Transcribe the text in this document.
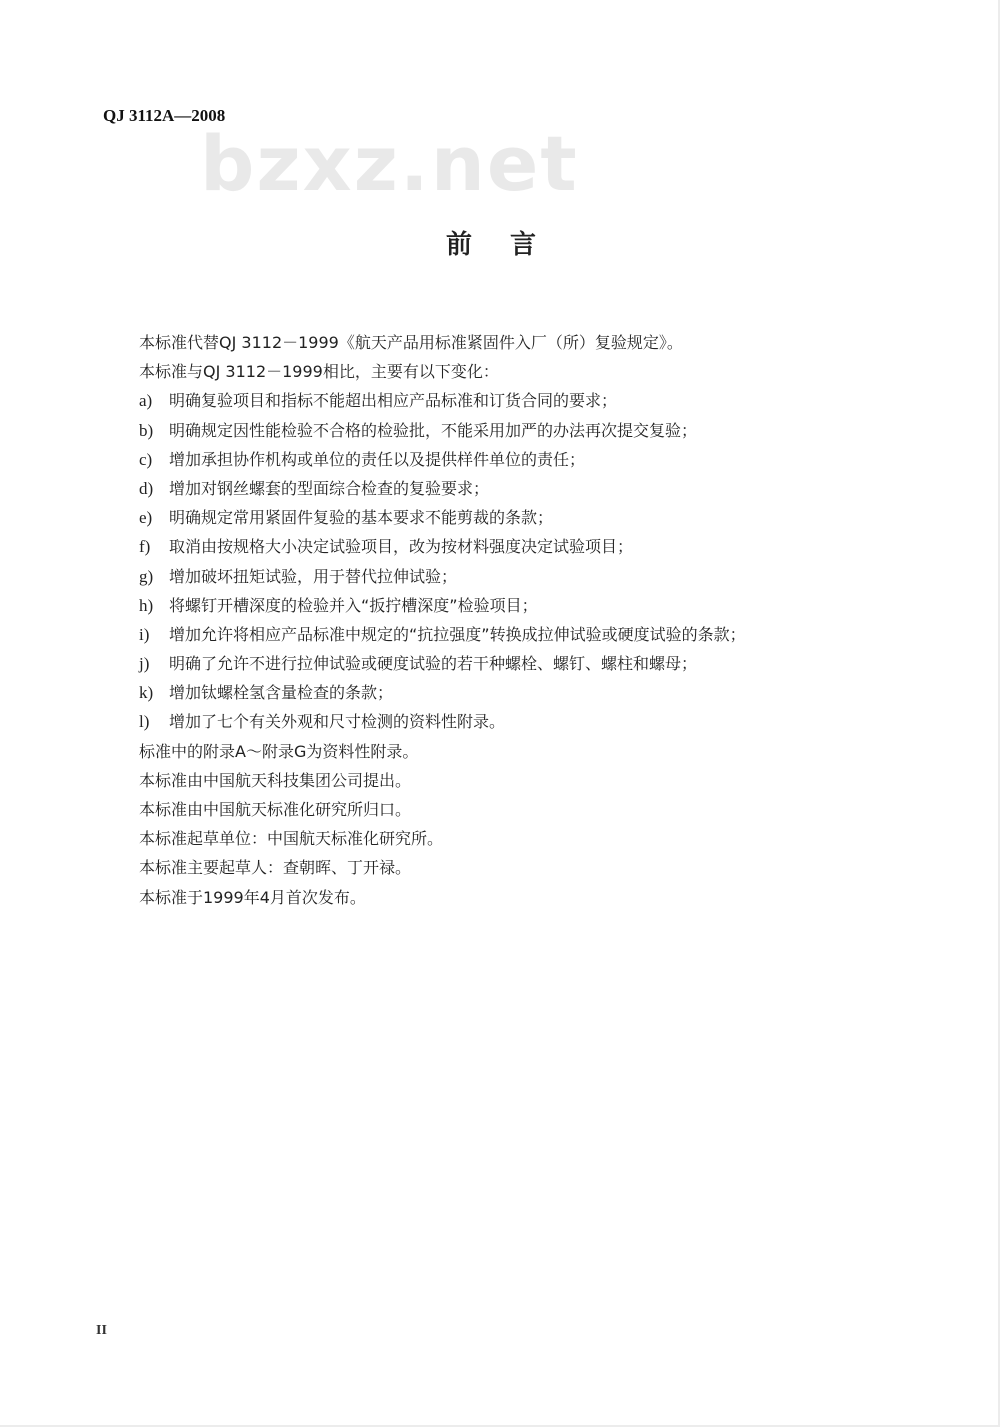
QJ 3112A—2008
bzxz.net
前 言
本标准代替QJ 3112－1999《航天产品用标准紧固件入厂（所）复验规定》。
本标准与QJ 3112－1999相比，主要有以下变化：
a)	明确复验项目和指标不能超出相应产品标准和订货合同的要求；
b) 明确规定因性能检验不合格的检验批，不能采用加严的办法再次提交复验；
c)	增加承担协作机构或单位的责任以及提供样件单位的责任；
d) 增加对钢丝螺套的型面综合检查的复验要求；
e)	明确规定常用紧固件复验的基本要求不能剪裁的条款；
f)	取消由按规格大小决定试验项目，改为按材料强度决定试验项目；
g) 增加破坏扭矩试验，用于替代拉伸试验；
h) 将螺钉开槽深度的检验并入“扳拧槽深度”检验项目；
i)	增加允许将相应产品标准中规定的“抗拉强度”转换成拉伸试验或硬度试验的条款；
j)	明确了允许不进行拉伸试验或硬度试验的若干种螺栓、螺钉、螺柱和螺母；
k) 增加钛螺栓氢含量检查的条款；
l)	增加了七个有关外观和尺寸检测的资料性附录。
标准中的附录A～附录G为资料性附录。
本标准由中国航天科技集团公司提出。
本标准由中国航天标准化研究所归口。
本标准起草单位：中国航天标准化研究所。
本标准主要起草人：查朝晖、丁开禄。
本标准于1999年4月首次发布。
II
